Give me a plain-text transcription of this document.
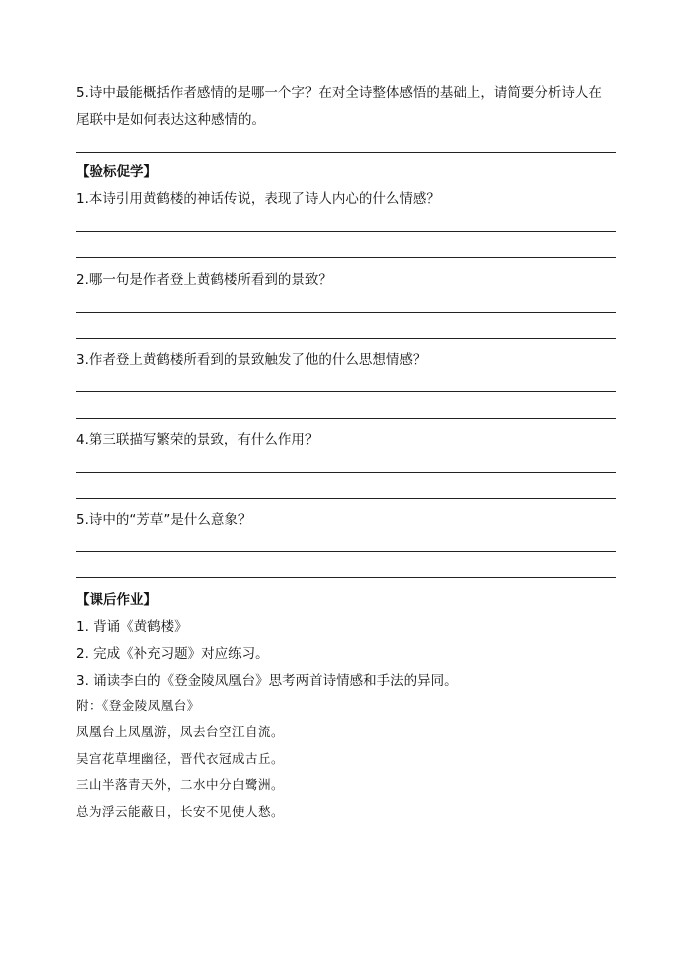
5.诗中最能概括作者感情的是哪一个字？在对全诗整体感悟的基础上，请简要分析诗人在
尾联中是如何表达这种感情的。
【验标促学】
1.本诗引用黄鹤楼的神话传说，表现了诗人内心的什么情感？
2.哪一句是作者登上黄鹤楼所看到的景致？
3.作者登上黄鹤楼所看到的景致触发了他的什么思想情感？
4.第三联描写繁荣的景致，有什么作用？
5.诗中的“芳草”是什么意象？
【课后作业】
1. 背诵《黄鹤楼》
2. 完成《补充习题》对应练习。
3. 诵读李白的《登金陵凤凰台》思考两首诗情感和手法的异同。
附：《登金陵凤凰台》
凤凰台上凤凰游，凤去台空江自流。
吴宫花草埋幽径，晋代衣冠成古丘。
三山半落青天外，二水中分白鹭洲。
总为浮云能蔽日，长安不见使人愁。
